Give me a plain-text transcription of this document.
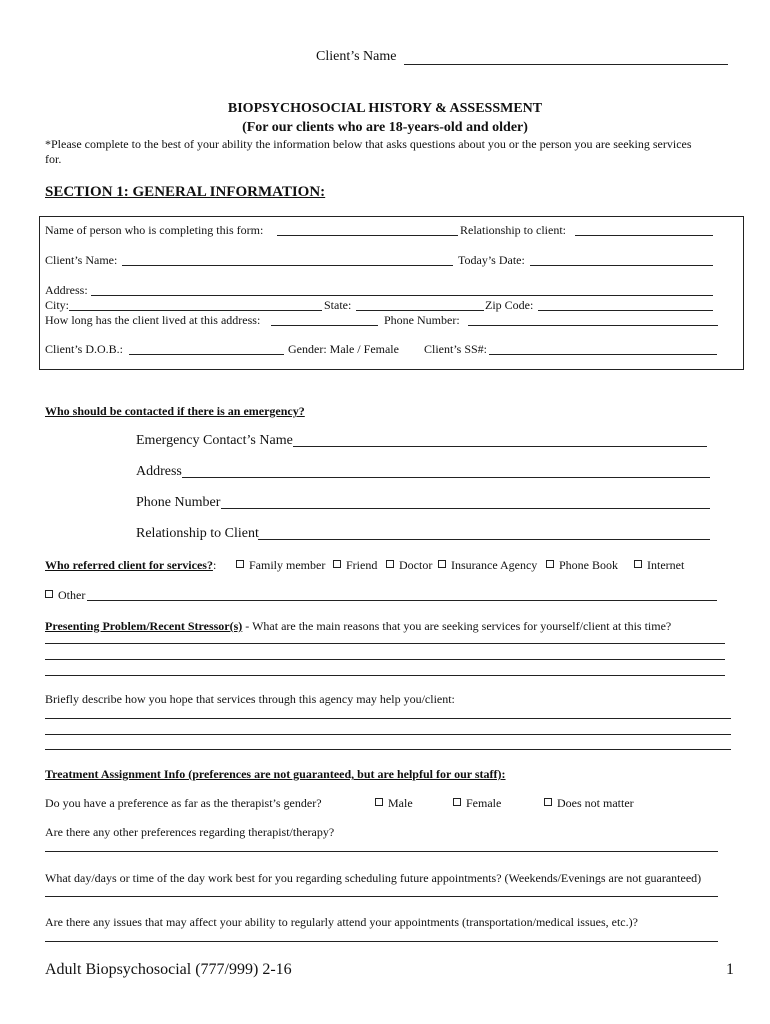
Client’s Name
BIOPSYCHOSOCIAL HISTORY & ASSESSMENT
(For our clients who are 18-years-old and older)
*Please complete to the best of your ability the information below that asks questions about you or the person you are seeking services
for.
SECTION 1: GENERAL INFORMATION:
Name of person who is completing this form:	Relationship to client:
Client’s Name:	Today’s Date:
Address:
City:	State:	Zip Code:
How long has the client lived at this address:	Phone Number:
Client’s D.O.B.:	Gender: Male / Female Client’s SS#:
Who should be contacted if there is an emergency?
Emergency Contact’s Name
Address
Phone Number
Relationship to Client
Who referred client for services?:	Family member	Friend	Doctor	Insurance Agency	Phone Book	Internet
Other
Presenting Problem/Recent Stressor(s) - What are the main reasons that you are seeking services for yourself/client at this time?
Briefly describe how you hope that services through this agency may help you/client:
Treatment Assignment Info (preferences are not guaranteed, but are helpful for our staff):
Do you have a preference as far as the therapist’s gender?	Male	Female	Does not matter
Are there any other preferences regarding therapist/therapy?
What day/days or time of the day work best for you regarding scheduling future appointments? (Weekends/Evenings are not guaranteed)
Are there any issues that may affect your ability to regularly attend your appointments (transportation/medical issues, etc.)?
Adult Biopsychosocial (777/999) 2-16	1
